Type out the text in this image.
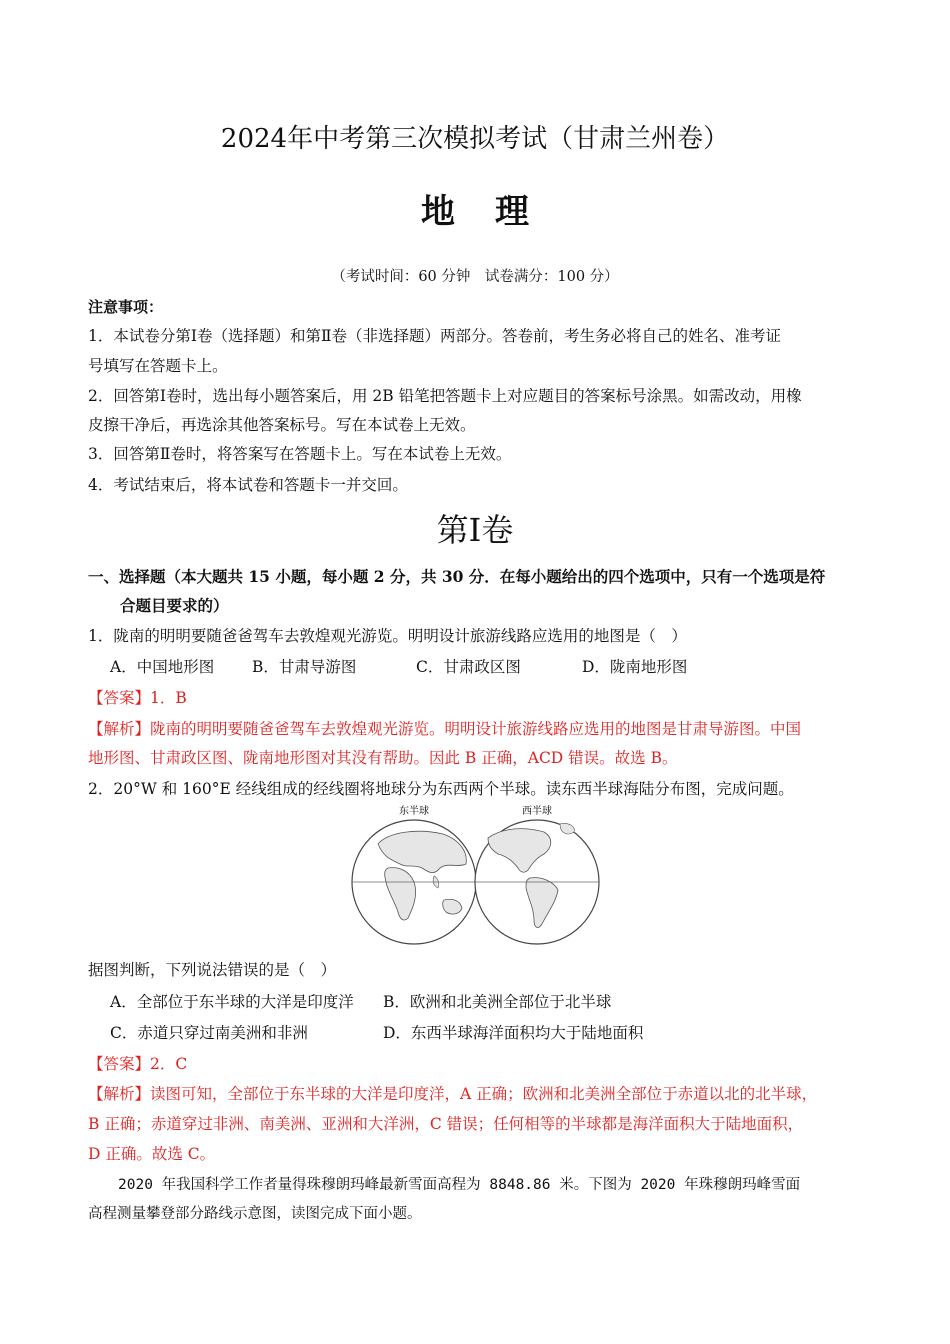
2024年中考第三次模拟考试（甘肃兰州卷）
地理
（考试时间：60 分钟　试卷满分：100 分）
注意事项：
1．本试卷分第Ⅰ卷（选择题）和第Ⅱ卷（非选择题）两部分。答卷前，考生务必将自己的姓名、准考证
号填写在答题卡上。
2．回答第Ⅰ卷时，选出每小题答案后，用 2B 铅笔把答题卡上对应题目的答案标号涂黑。如需改动，用橡
皮擦干净后，再选涂其他答案标号。写在本试卷上无效。
3．回答第Ⅱ卷时，将答案写在答题卡上。写在本试卷上无效。
4．考试结束后，将本试卷和答题卡一并交回。
第Ⅰ卷
一、选择题（本大题共 15 小题，每小题 2 分，共 30 分．在每小题给出的四个选项中，只有一个选项是符
合题目要求的）
1．陇南的明明要随爸爸驾车去敦煌观光游览。明明设计旅游线路应选用的地图是（　）
A．中国地形图 B．甘肃导游图	C．甘肃政区图	D．陇南地形图
【答案】1．B
【解析】陇南的明明要随爸爸驾车去敦煌观光游览。明明设计旅游线路应选用的地图是甘肃导游图。中国
地形图、甘肃政区图、陇南地形图对其没有帮助。因此 B 正确，ACD 错误。故选 B。
2．20°W 和 160°E 经线组成的经线圈将地球分为东西两个半球。读东西半球海陆分布图，完成问题。
东半球	西半球
据图判断，下列说法错误的是（　）
A．全部位于东半球的大洋是印度洋 B．欧洲和北美洲全部位于北半球
C．赤道只穿过南美洲和非洲	D．东西半球海洋面积均大于陆地面积
【答案】2．C
【解析】读图可知，全部位于东半球的大洋是印度洋，A 正确；欧洲和北美洲全部位于赤道以北的北半球，
B 正确；赤道穿过非洲、南美洲、亚洲和大洋洲，C 错误；任何相等的半球都是海洋面积大于陆地面积，
D 正确。故选 C。
2020 年我国科学工作者量得珠穆朗玛峰最新雪面高程为 8848.86 米。下图为 2020 年珠穆朗玛峰雪面
高程测量攀登部分路线示意图，读图完成下面小题。
